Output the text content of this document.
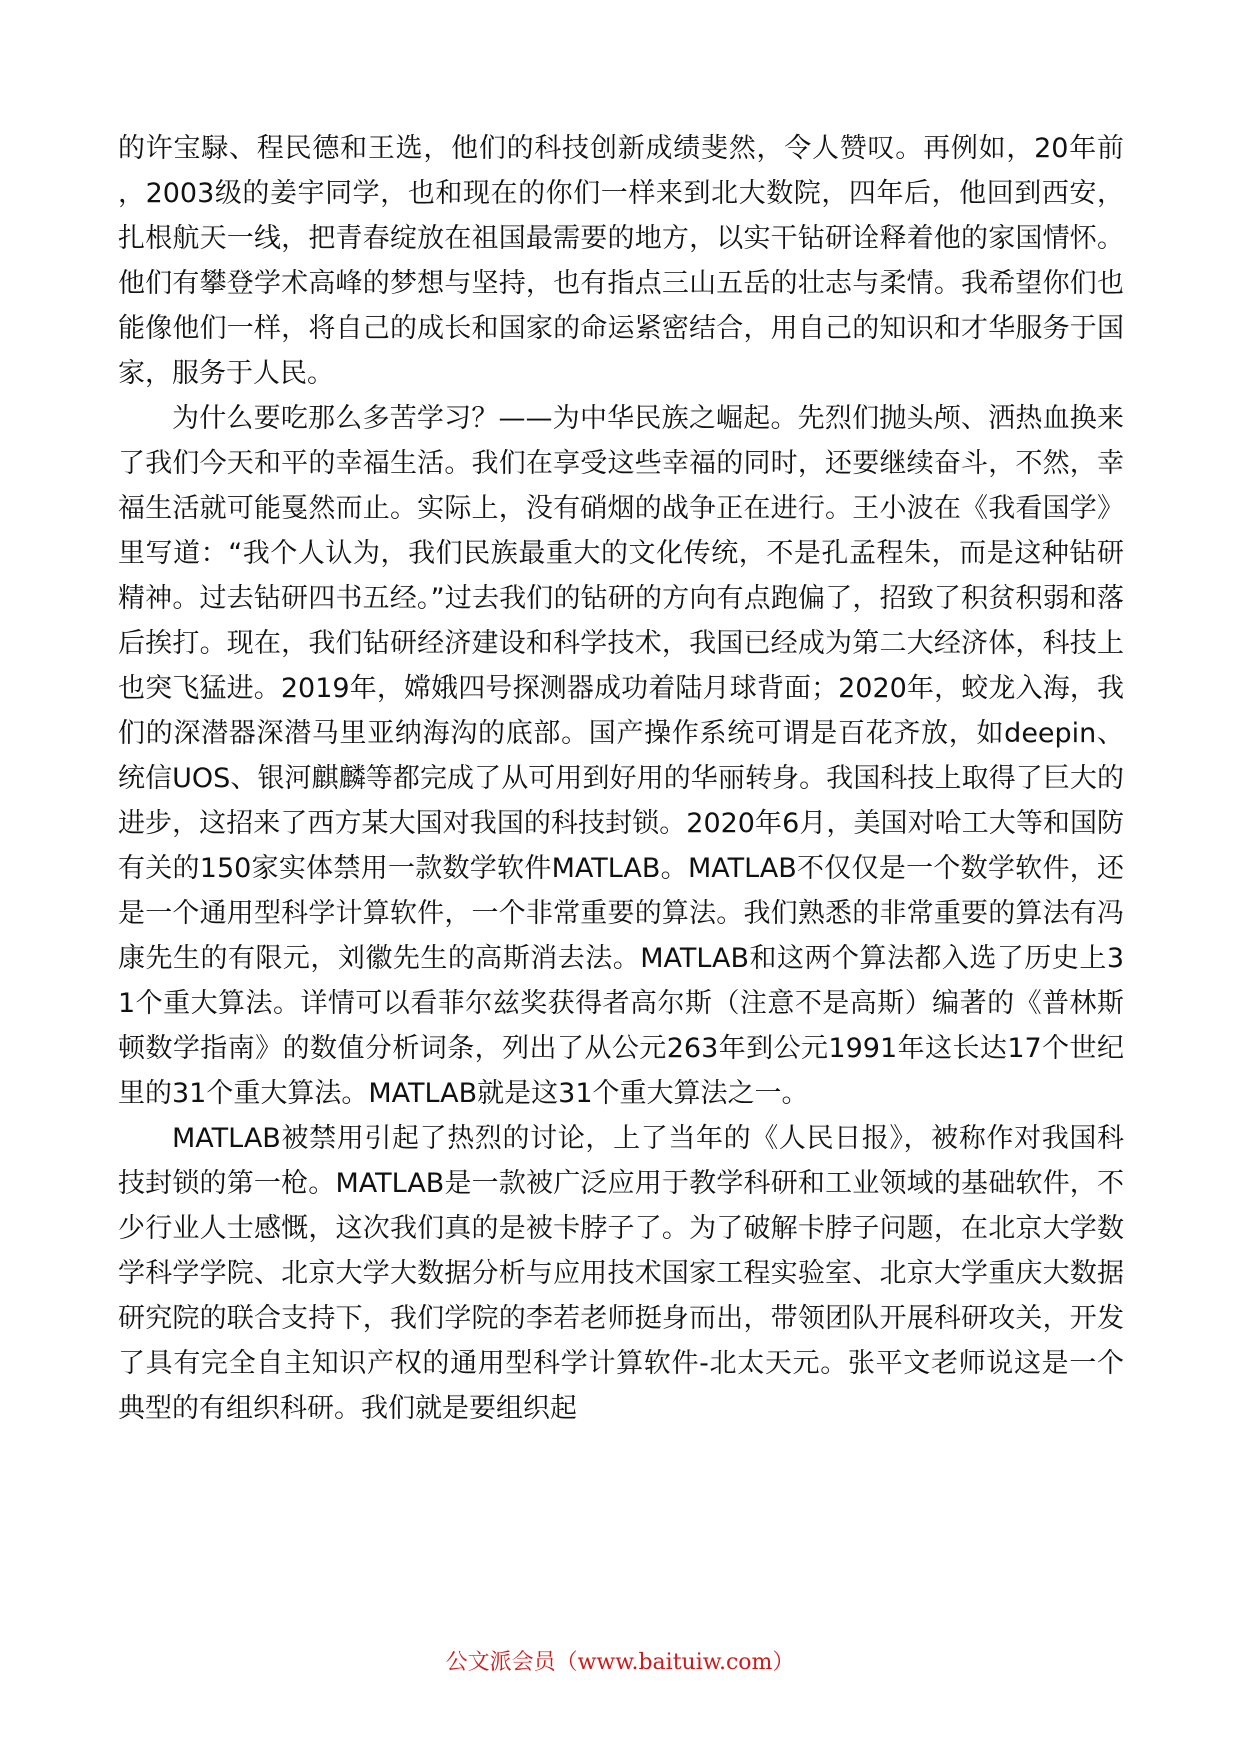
的许宝騄、程民德和王选，他们的科技创新成绩斐然，令人赞叹。再例如，20年前，2003级的姜宇同学，也和现在的你们一样来到北大数院，四年后，他回到西安，扎根航天一线，把青春绽放在祖国最需要的地方，以实干钻研诠释着他的家国情怀。他们有攀登学术高峰的梦想与坚持，也有指点三山五岳的壮志与柔情。我希望你们也能像他们一样，将自己的成长和国家的命运紧密结合，用自己的知识和才华服务于国家，服务于人民。

为什么要吃那么多苦学习？——为中华民族之崛起。先烈们抛头颅、洒热血换来了我们今天和平的幸福生活。我们在享受这些幸福的同时，还要继续奋斗，不然，幸福生活就可能戛然而止。实际上，没有硝烟的战争正在进行。王小波在《我看国学》里写道：“我个人认为，我们民族最重大的文化传统，不是孔孟程朱，而是这种钻研精神。过去钻研四书五经。”过去我们的钻研的方向有点跑偏了，招致了积贫积弱和落后挨打。现在，我们钻研经济建设和科学技术，我国已经成为第二大经济体，科技上也突飞猛进。2019年，嫦娥四号探测器成功着陆月球背面；2020年，蛟龙入海，我们的深潜器深潜马里亚纳海沟的底部。国产操作系统可谓是百花齐放，如deepin、统信UOS、银河麒麟等都完成了从可用到好用的华丽转身。我国科技上取得了巨大的进步，这招来了西方某大国对我国的科技封锁。2020年6月，美国对哈工大等和国防有关的150家实体禁用一款数学软件MATLAB。MATLAB不仅仅是一个数学软件，还是一个通用型科学计算软件，一个非常重要的算法。我们熟悉的非常重要的算法有冯康先生的有限元，刘徽先生的高斯消去法。MATLAB和这两个算法都入选了历史上31个重大算法。详情可以看菲尔兹奖获得者高尔斯（注意不是高斯）编著的《普林斯顿数学指南》的数值分析词条，列出了从公元263年到公元1991年这长达17个世纪里的31个重大算法。MATLAB就是这31个重大算法之一。

MATLAB被禁用引起了热烈的讨论，上了当年的《人民日报》，被称作对我国科技封锁的第一枪。MATLAB是一款被广泛应用于教学科研和工业领域的基础软件，不少行业人士感慨，这次我们真的是被卡脖子了。为了破解卡脖子问题，在北京大学数学科学学院、北京大学大数据分析与应用技术国家工程实验室、北京大学重庆大数据研究院的联合支持下，我们学院的李若老师挺身而出，带领团队开展科研攻关，开发了具有完全自主知识产权的通用型科学计算软件-北太天元。张平文老师说这是一个典型的有组织科研。我们就是要组织起

公文派会员（www.baituiw.com）
